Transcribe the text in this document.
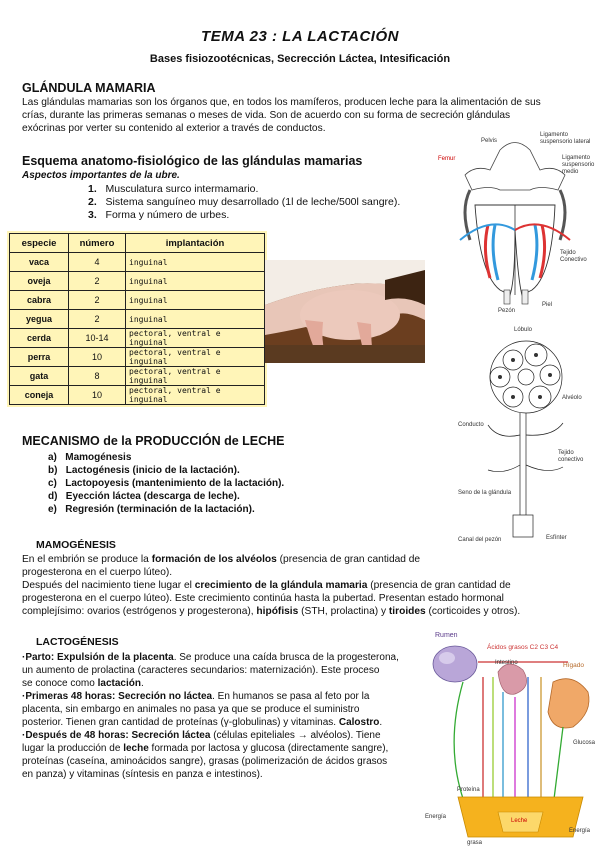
TEMA 23 : LA LACTACIÓN
Bases fisiozootécnicas, Secrección Láctea, Intesificación
GLÁNDULA MAMARIA
Las glándulas mamarias son los órganos que, en todos los mamíferos, producen leche para la alimentación de sus
crías, durante las primeras semanas o meses de vida. Son de acuerdo con su forma de secreción glándulas
exócrinas por verter su contenido al exterior a través de conductos.
Esquema anatomo-fisiológico de las glándulas mamarias
Aspectos importantes de la ubre.
1. Musculatura surco intermamario.
2. Sistema sanguíneo muy desarrollado (1l de leche/500l sangre).
3. Forma y número de urbes.
especie	número	implantación
vaca	4	inguinal
oveja	2	inguinal
cabra	2	inguinal
yegua	2	inguinal
cerda	10-14	pectoral, ventral e inguinal
perra	10	pectoral, ventral e inguinal
gata	8	pectoral, ventral e inguinal
coneja	10	pectoral, ventral e inguinal
Pelvis
Ligamento suspensorio lateral
Femur	Ligamento suspensorio medio
Tejido Conectivo
Piel
Pezón
Lóbulo
Alvéolo
Conducto
Seno de la glándula
Tejido conectivo
Canal del pezón	Esfínter
MECANISMO de la PRODUCCIÓN de LECHE
a) Mamogénesis
b) Lactogénesis (inicio de la lactación).
c) Lactopoyesis (mantenimiento de la lactación).
d) Eyección láctea (descarga de leche).
e) Regresión (terminación de la lactación).
MAMOGÉNESIS
En el embrión se produce la formación de los alvéolos (presencia de gran cantidad de
progesterona en el cuerpo lúteo).
Después del nacimiento tiene lugar el crecimiento de la glándula mamaria (presencia de gran cantidad de
progesterona en el cuerpo lúteo). Este crecimiento continúa hasta la pubertad. Presentan estado hormonal
complejísimo: ovarios (estrógenos y progesterona), hipófisis (STH, prolactina) y tiroides (corticoides y otros).
LACTOGÉNESIS
·Parto: Expulsión de la placenta. Se produce una caída brusca de la progesterona,
un aumento de prolactina (caracteres secundarios: maternización). Este proceso
se conoce como lactación.
·Primeras 48 horas: Secreción no láctea. En humanos se pasa al feto por la
placenta, sin embargo en animales no pasa ya que se produce el suministro
posterior. Tienen gran cantidad de proteínas (γ-globulinas) y vitaminas. Calostro.
·Después de 48 horas: Secreción láctea (células epiteliales → alvéolos). Tiene
lugar la producción de leche formada por lactosa y glucosa (directamente sangre),
proteínas (caseína, aminoácidos sangre), grasas (polimerización de ácidos grasos
en panza) y vitaminas (síntesis en panza e intestinos).
Rumen
Ácidos grasos C2 C3 C4
Intestino	Hígado
Glucosa
Proteína
Leche
Energía
Energía
grasa
